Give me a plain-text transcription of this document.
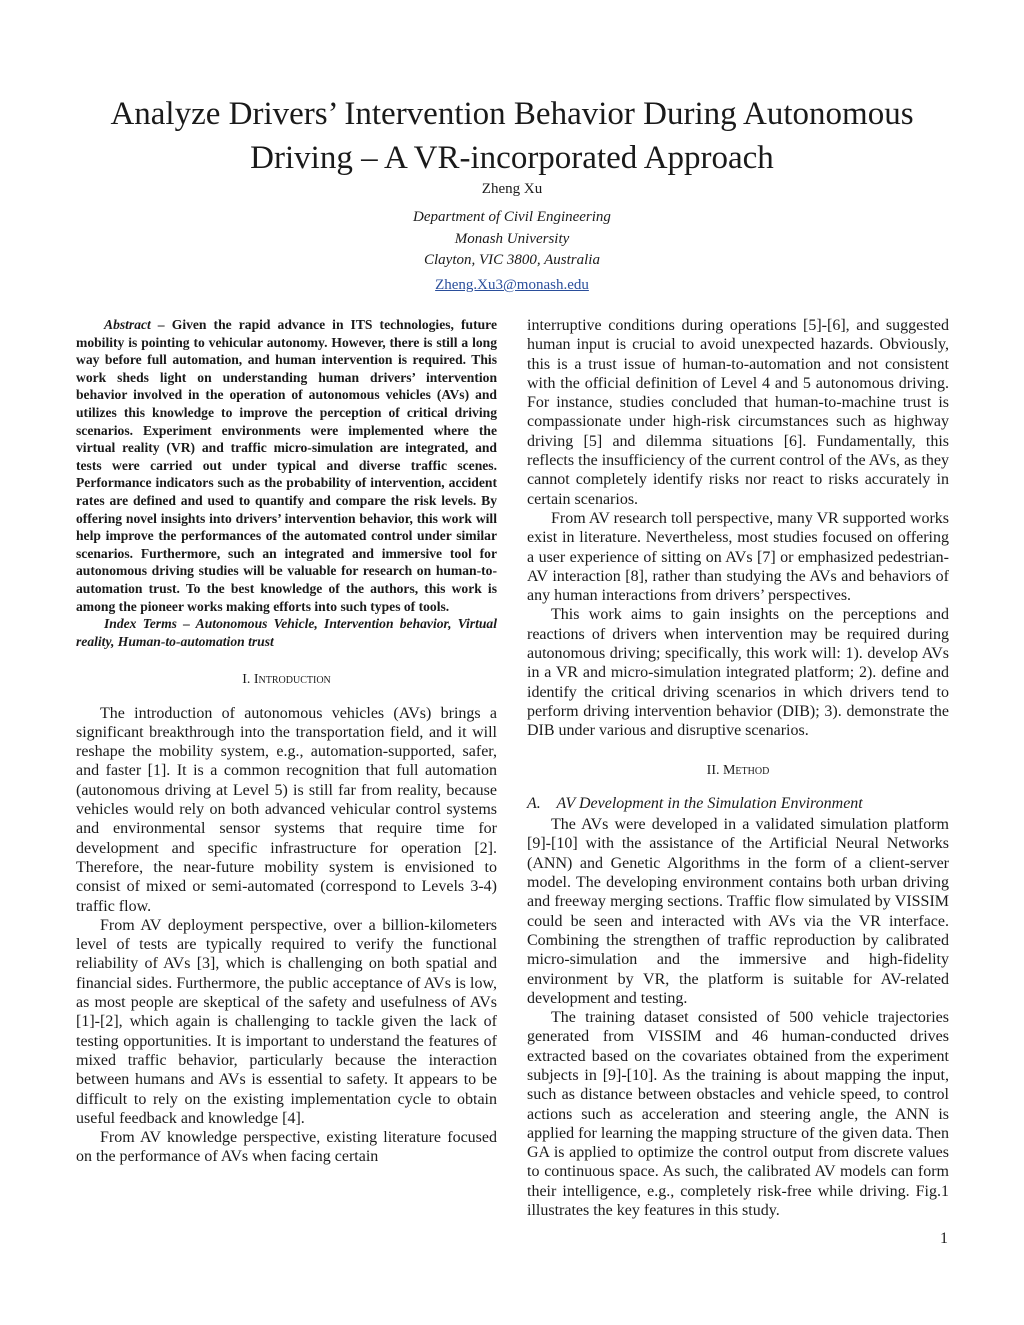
Analyze Drivers’ Intervention Behavior During Autonomous
Driving – A VR-incorporated Approach
Zheng Xu
Department of Civil Engineering
Monash University
Clayton, VIC 3800, Australia
Zheng.Xu3@monash.edu

Abstract – Given the rapid advance in ITS technologies, future mobility is pointing to vehicular autonomy. However, there is still a long way before full automation, and human intervention is required. This work sheds light on understanding human drivers’ intervention behavior involved in the operation of autonomous vehicles (AVs) and utilizes this knowledge to improve the perception of critical driving scenarios. Experiment environments were implemented where the virtual reality (VR) and traffic micro-simulation are integrated, and tests were carried out under typical and diverse traffic scenes. Performance indicators such as the probability of intervention, accident rates are defined and used to quantify and compare the risk levels. By offering novel insights into drivers’ intervention behavior, this work will help improve the performances of the automated control under similar scenarios. Furthermore, such an integrated and immersive tool for autonomous driving studies will be valuable for research on human-to-automation trust. To the best knowledge of the authors, this work is among the pioneer works making efforts into such types of tools.

Index Terms – Autonomous Vehicle, Intervention behavior, Virtual reality, Human-to-automation trust

I. Introduction

The introduction of autonomous vehicles (AVs) brings a significant breakthrough into the transportation field, and it will reshape the mobility system, e.g., automation-supported, safer, and faster [1]. It is a common recognition that full automation (autonomous driving at Level 5) is still far from reality, because vehicles would rely on both advanced vehicular control systems and environmental sensor systems that require time for development and specific infrastructure for operation [2]. Therefore, the near-future mobility system is envisioned to consist of mixed or semi-automated (correspond to Levels 3-4) traffic flow.

From AV deployment perspective, over a billion-kilometers level of tests are typically required to verify the functional reliability of AVs [3], which is challenging on both spatial and financial sides. Furthermore, the public acceptance of AVs is low, as most people are skeptical of the safety and usefulness of AVs [1]-[2], which again is challenging to tackle given the lack of testing opportunities. It is important to understand the features of mixed traffic behavior, particularly because the interaction between humans and AVs is essential to safety. It appears to be difficult to rely on the existing implementation cycle to obtain useful feedback and knowledge [4].

From AV knowledge perspective, existing literature focused on the performance of AVs when facing certain

interruptive conditions during operations [5]-[6], and suggested human input is crucial to avoid unexpected hazards. Obviously, this is a trust issue of human-to-automation and not consistent with the official definition of Level 4 and 5 autonomous driving. For instance, studies concluded that human-to-machine trust is compassionate under high-risk circumstances such as highway driving [5] and dilemma situations [6]. Fundamentally, this reflects the insufficiency of the current control of the AVs, as they cannot completely identify risks nor react to risks accurately in certain scenarios.

From AV research toll perspective, many VR supported works exist in literature. Nevertheless, most studies focused on offering a user experience of sitting on AVs [7] or emphasized pedestrian-AV interaction [8], rather than studying the AVs and behaviors of any human interactions from drivers’ perspectives.

This work aims to gain insights on the perceptions and reactions of drivers when intervention may be required during autonomous driving; specifically, this work will: 1). develop AVs in a VR and micro-simulation integrated platform; 2). define and identify the critical driving scenarios in which drivers tend to perform driving intervention behavior (DIB); 3). demonstrate the DIB under various and disruptive scenarios.

II. Method
A. AV Development in the Simulation Environment

The AVs were developed in a validated simulation platform [9]-[10] with the assistance of the Artificial Neural Networks (ANN) and Genetic Algorithms in the form of a client-server model. The developing environment contains both urban driving and freeway merging sections. Traffic flow simulated by VISSIM could be seen and interacted with AVs via the VR interface. Combining the strengthen of traffic reproduction by calibrated micro-simulation and the immersive and high-fidelity environment by VR, the platform is suitable for AV-related development and testing.

The training dataset consisted of 500 vehicle trajectories generated from VISSIM and 46 human-conducted drives extracted based on the covariates obtained from the experiment subjects in [9]-[10]. As the training is about mapping the input, such as distance between obstacles and vehicle speed, to control actions such as acceleration and steering angle, the ANN is applied for learning the mapping structure of the given data. Then GA is applied to optimize the control output from discrete values to continuous space. As such, the calibrated AV models can form their intelligence, e.g., completely risk-free while driving. Fig.1 illustrates the key features in this study.

1
